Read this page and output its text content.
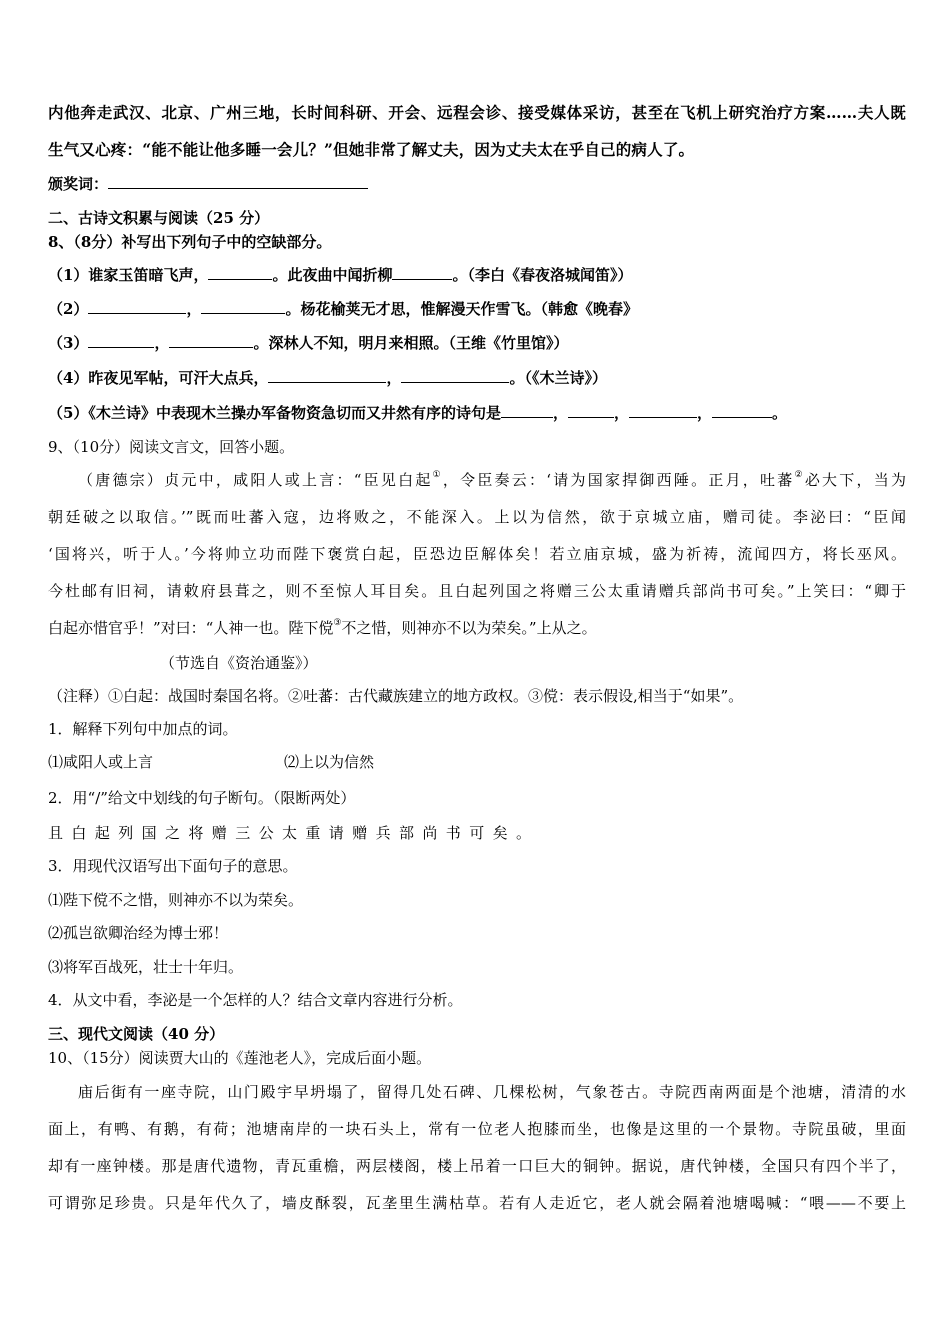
内他奔走武汉、北京、广州三地，长时间科研、开会、远程会诊、接受媒体采访，甚至在飞机上研究治疗方案……夫人既
生气又心疼：“能不能让他多睡一会儿？”但她非常了解丈夫，因为丈夫太在乎自己的病人了。
颁奖词：
二、古诗文积累与阅读（25 分）
8、（8分）补写出下列句子中的空缺部分。
（1）谁家玉笛暗飞声，	。此夜曲中闻折柳	。（李白《春夜洛城闻笛》）
（2）	，	。杨花榆荚无才思，惟解漫天作雪飞。（韩愈《晚春》
（3）	，	。深林人不知，明月来相照。（王维《竹里馆》）
（4）昨夜见军帖，可汗大点兵，	，	。（《木兰诗》）
（5）《木兰诗》中表现木兰操办军备物资急切而又井然有序的诗句是	，	，	，	。
9、（10分）阅读文言文，回答小题。
（唐德宗）贞元中，咸阳人或上言：“臣见白起①，令臣奏云：‘请为国家捍御西陲。正月，吐蕃②必大下，当为
朝廷破之以取信。’”既而吐蕃入寇，边将败之，不能深入。上以为信然，欲于京城立庙，赠司徒。李泌曰：“臣闻
‘国将兴，听于人。’今将帅立功而陛下褒赏白起，臣恐边臣解体矣！若立庙京城，盛为祈祷，流闻四方，将长巫风。
今杜邮有旧祠，请敕府县葺之，则不至惊人耳目矣。且白起列国之将赠三公太重请赠兵部尚书可矣。”上笑曰：“卿于
白起亦惜官乎！”对曰：“人神一也。陛下傥③不之惜，则神亦不以为荣矣。”上从之。
（节选自《资治通鉴》）
（注释）①白起：战国时秦国名将。②吐蕃：古代藏族建立的地方政权。③傥：表示假设,相当于“如果”。
1．解释下列句中加点的词。
⑴咸阳人或上言	⑵上以为信然
2．用“/”给文中划线的句子断句。（限断两处）
且白起列国之将赠三公太重请赠兵部尚书可矣。
3．用现代汉语写出下面句子的意思。
⑴陛下傥不之惜，则神亦不以为荣矣。
⑵孤岂欲卿治经为博士邪！
⑶将军百战死，壮士十年归。
4．从文中看，李泌是一个怎样的人？结合文章内容进行分析。
三、现代文阅读（40 分）
10、（15分）阅读贾大山的《莲池老人》，完成后面小题。
庙后街有一座寺院，山门殿宇早坍塌了，留得几处石碑、几棵松树，气象苍古。寺院西南两面是个池塘，清清的水
面上，有鸭、有鹅，有荷；池塘南岸的一块石头上，常有一位老人抱膝而坐，也像是这里的一个景物。寺院虽破，里面
却有一座钟楼。那是唐代遗物，青瓦重檐，两层楼阁，楼上吊着一口巨大的铜钟。据说，唐代钟楼，全国只有四个半了，
可谓弥足珍贵。只是年代久了，墙皮酥裂，瓦垄里生满枯草。若有人走近它，老人就会隔着池塘喝喊：“喂——不要上
